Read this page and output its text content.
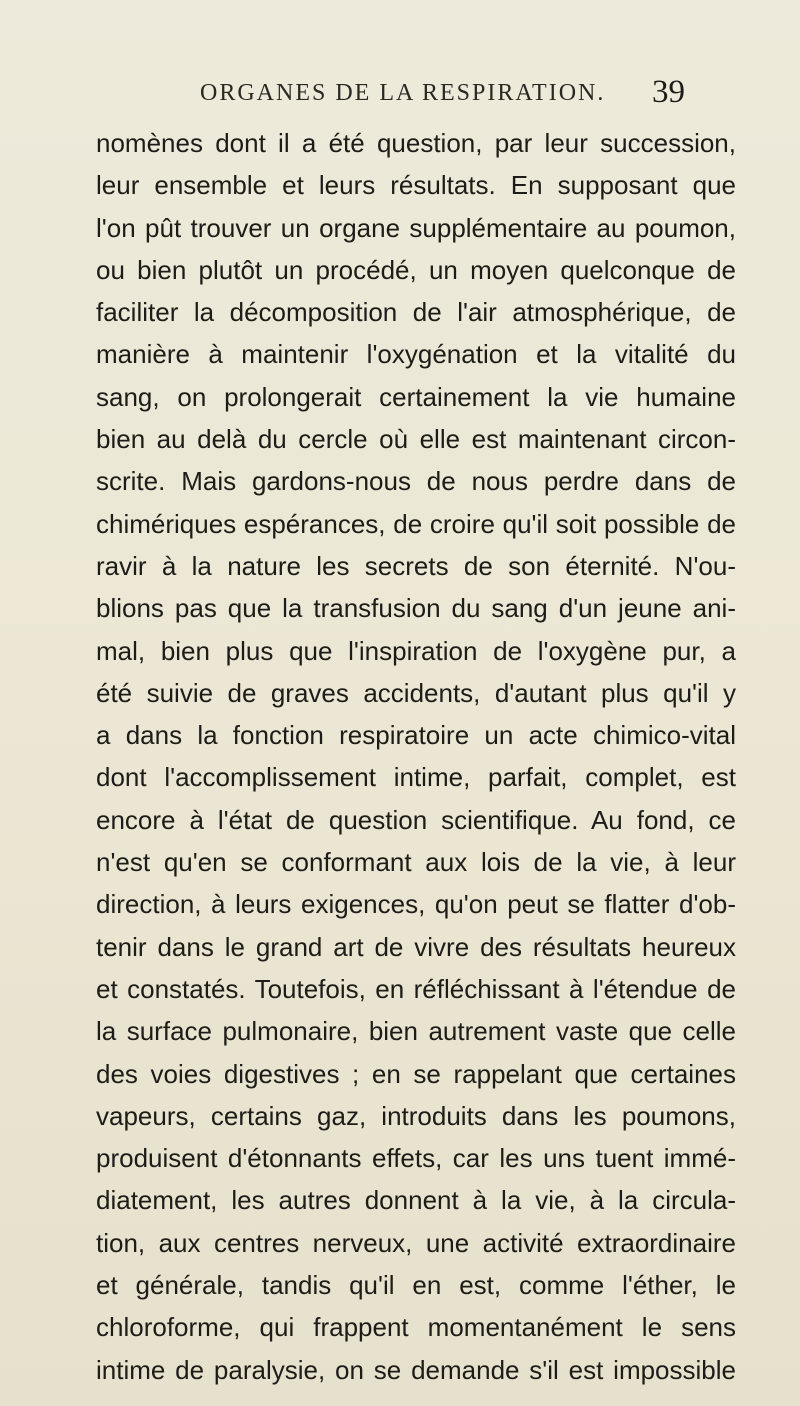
ORGANES DE LA RESPIRATION. 39
nomènes dont il a été question, par leur succession,
leur ensemble et leurs résultats. En supposant que
l'on pût trouver un organe supplémentaire au poumon,
ou bien plutôt un procédé, un moyen quelconque de
faciliter la décomposition de l'air atmosphérique, de
manière à maintenir l'oxygénation et la vitalité du
sang, on prolongerait certainement la vie humaine
bien au delà du cercle où elle est maintenant circon-
scrite. Mais gardons-nous de nous perdre dans de
chimériques espérances, de croire qu'il soit possible de
ravir à la nature les secrets de son éternité. N'ou-
blions pas que la transfusion du sang d'un jeune ani-
mal, bien plus que l'inspiration de l'oxygène pur, a
été suivie de graves accidents, d'autant plus qu'il y
a dans la fonction respiratoire un acte chimico-vital
dont l'accomplissement intime, parfait, complet, est
encore à l'état de question scientifique. Au fond, ce
n'est qu'en se conformant aux lois de la vie, à leur
direction, à leurs exigences, qu'on peut se flatter d'ob-
tenir dans le grand art de vivre des résultats heureux
et constatés. Toutefois, en réfléchissant à l'étendue de
la surface pulmonaire, bien autrement vaste que celle
des voies digestives ; en se rappelant que certaines
vapeurs, certains gaz, introduits dans les poumons,
produisent d'étonnants effets, car les uns tuent immé-
diatement, les autres donnent à la vie, à la circula-
tion, aux centres nerveux, une activité extraordinaire
et générale, tandis qu'il en est, comme l'éther, le
chloroforme, qui frappent momentanément le sens
intime de paralysie, on se demande s'il est impossible
